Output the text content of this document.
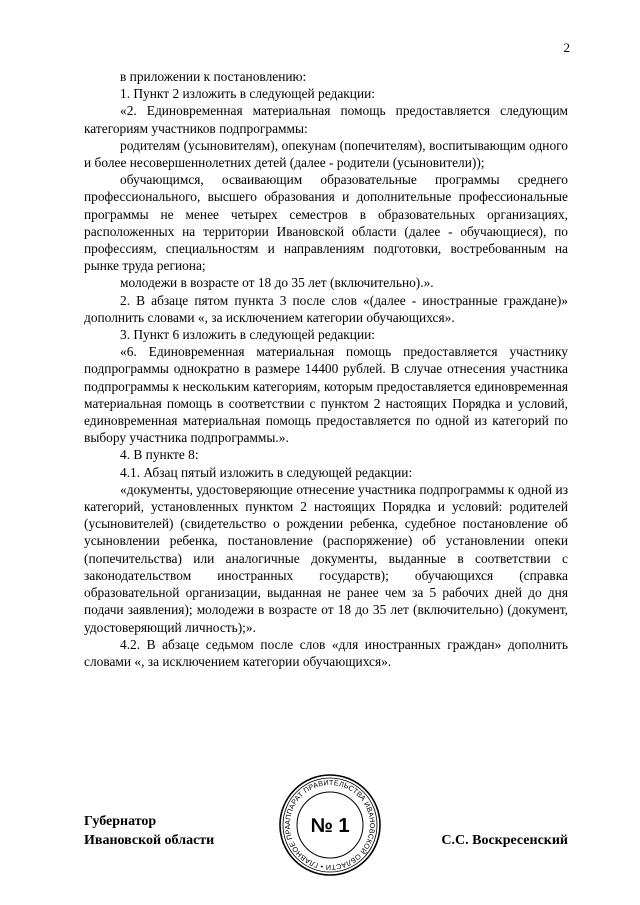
2

в приложении к постановлению:

1. Пункт 2 изложить в следующей редакции:

«2. Единовременная материальная помощь предоставляется следующим категориям участников подпрограммы:

родителям (усыновителям), опекунам (попечителям), воспитывающим одного и более несовершеннолетних детей (далее - родители (усыновители));

обучающимся, осваивающим образовательные программы среднего профессионального, высшего образования и дополнительные профессиональные программы не менее четырех семестров в образовательных организациях, расположенных на территории Ивановской области (далее - обучающиеся), по профессиям, специальностям и направлениям подготовки, востребованным на рынке труда региона;

молодежи в возрасте от 18 до 35 лет (включительно).».

2. В абзаце пятом пункта 3 после слов «(далее - иностранные граждане)» дополнить словами «, за исключением категории обучающихся».

3. Пункт 6 изложить в следующей редакции:

«6. Единовременная материальная помощь предоставляется участнику подпрограммы однократно в размере 14400 рублей. В случае отнесения участника подпрограммы к нескольким категориям, которым предоставляется единовременная материальная помощь в соответствии с пунктом 2 настоящих Порядка и условий, единовременная материальная помощь предоставляется по одной из категорий по выбору участника подпрограммы.».

4. В пункте 8:

4.1. Абзац пятый изложить в следующей редакции:

«документы, удостоверяющие отнесение участника подпрограммы к одной из категорий, установленных пунктом 2 настоящих Порядка и условий: родителей (усыновителей) (свидетельство о рождении ребенка, судебное постановление об усыновлении ребенка, постановление (распоряжение) об установлении опеки (попечительства) или аналогичные документы, выданные в соответствии с законодательством иностранных государств); обучающихся (справка образовательной организации, выданная не ранее чем за 5 рабочих дней до дня подачи заявления); молодежи в возрасте от 18 до 35 лет (включительно) (документ, удостоверяющий личность);».

4.2. В абзаце седьмом после слов «для иностранных граждан» дополнить словами «, за исключением категории обучающихся».

АППАРАТ ПРАВИТЕЛЬСТВА ИВАНОВСКОЙ ОБЛАСТИ • ГЛАВНОЕ ПРА № 1
Губернатор
Ивановской области	С.С. Воскресенский
